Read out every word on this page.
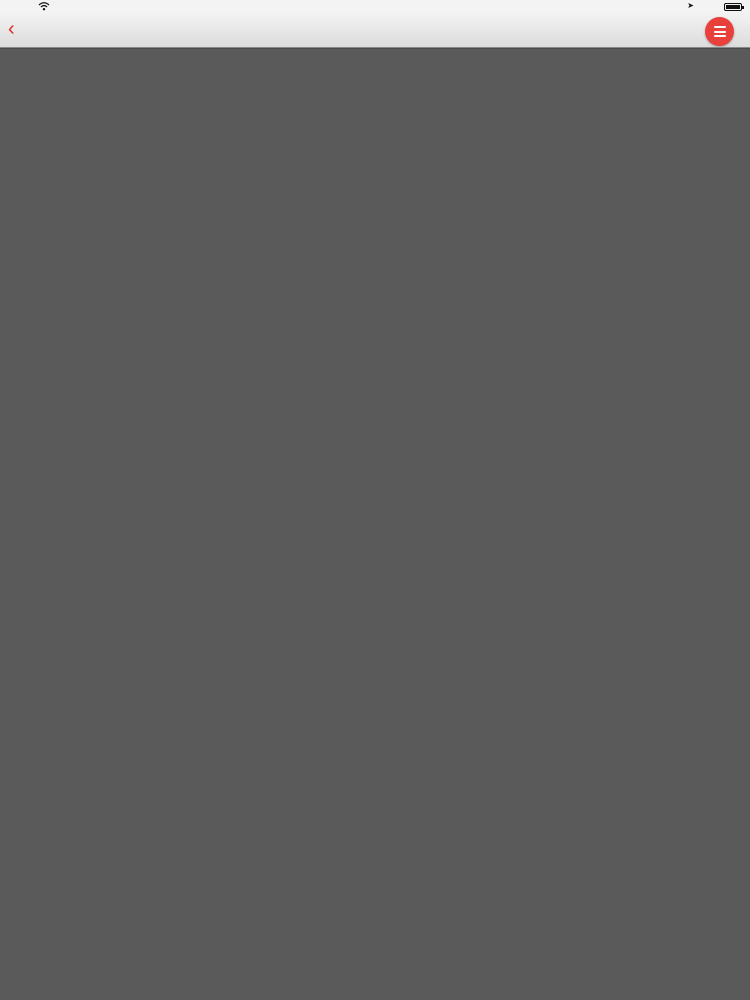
➤
‹
